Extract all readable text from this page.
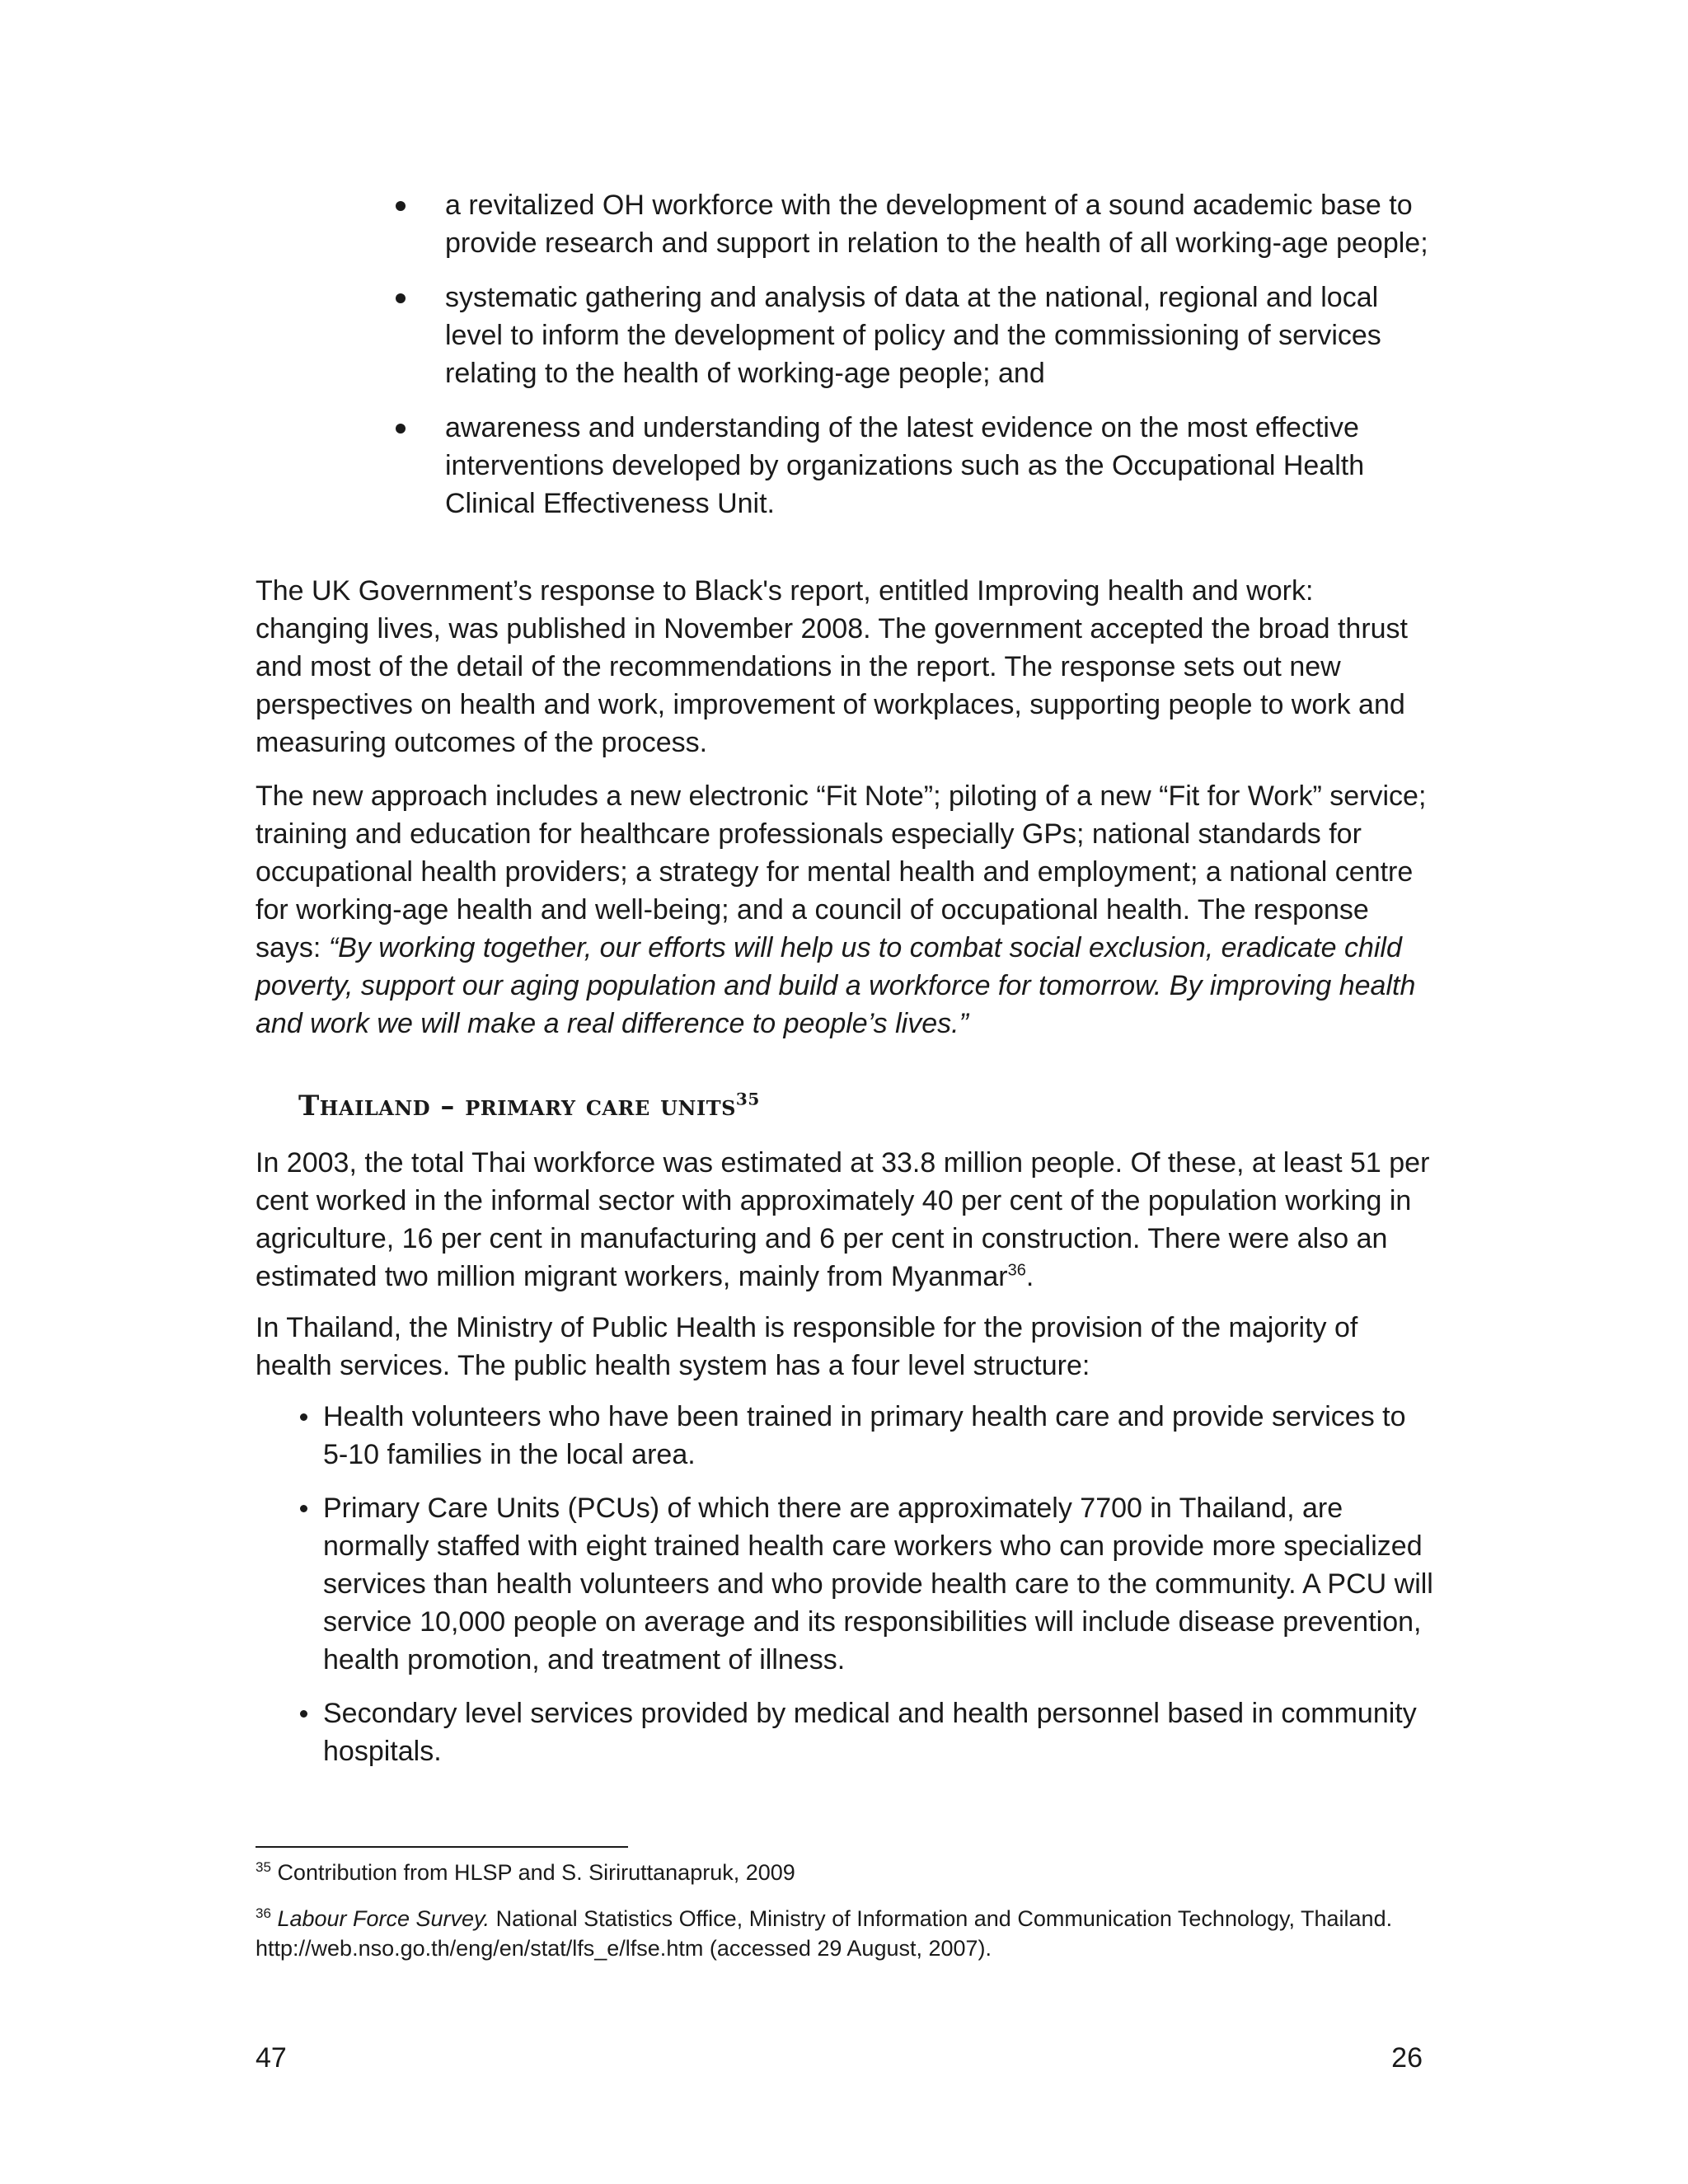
a revitalized OH workforce with the development of a sound academic base to provide research and support in relation to the health of all working-age people;
systematic gathering and analysis of data at the national, regional and local level to inform the development of policy and the commissioning of services relating to the health of working-age people; and
awareness and understanding of the latest evidence on the most effective interventions developed by organizations such as the Occupational Health Clinical Effectiveness Unit.

The UK Government’s response to Black's report, entitled Improving health and work: changing lives, was published in November 2008. The government accepted the broad thrust and most of the detail of the recommendations in the report. The response sets out new perspectives on health and work, improvement of workplaces, supporting people to work and measuring outcomes of the process.

The new approach includes a new electronic “Fit Note”; piloting of a new “Fit for Work” service; training and education for healthcare professionals especially GPs; national standards for occupational health providers; a strategy for mental health and employment; a national centre for working-age health and well-being; and a council of occupational health. The response says: “By working together, our efforts will help us to combat social exclusion, eradicate child poverty, support our aging population and build a workforce for tomorrow. By improving health and work we will make a real difference to people’s lives.”

Thailand – primary care units$^{35}$

In 2003, the total Thai workforce was estimated at 33.8 million people. Of these, at least 51 per cent worked in the informal sector with approximately 40 per cent of the population working in agriculture, 16 per cent in manufacturing and 6 per cent in construction. There were also an estimated two million migrant workers, mainly from Myanmar$^{36}$.

In Thailand, the Ministry of Public Health is responsible for the provision of the majority of health services. The public health system has a four level structure:

Health volunteers who have been trained in primary health care and provide services to 5-10 families in the local area.
Primary Care Units (PCUs) of which there are approximately 7700 in Thailand, are normally staffed with eight trained health care workers who can provide more specialized services than health volunteers and who provide health care to the community. A PCU will service 10,000 people on average and its responsibilities will include disease prevention, health promotion, and treatment of illness.
Secondary level services provided by medical and health personnel based in community hospitals.
$^{35}$ Contribution from HLSP and S. Siriruttanapruk, 2009
$^{36}$ Labour Force Survey. National Statistics Office, Ministry of Information and Communication Technology, Thailand. http://web.nso.go.th/eng/en/stat/lfs_e/lfse.htm (accessed 29 August, 2007).
47	26
